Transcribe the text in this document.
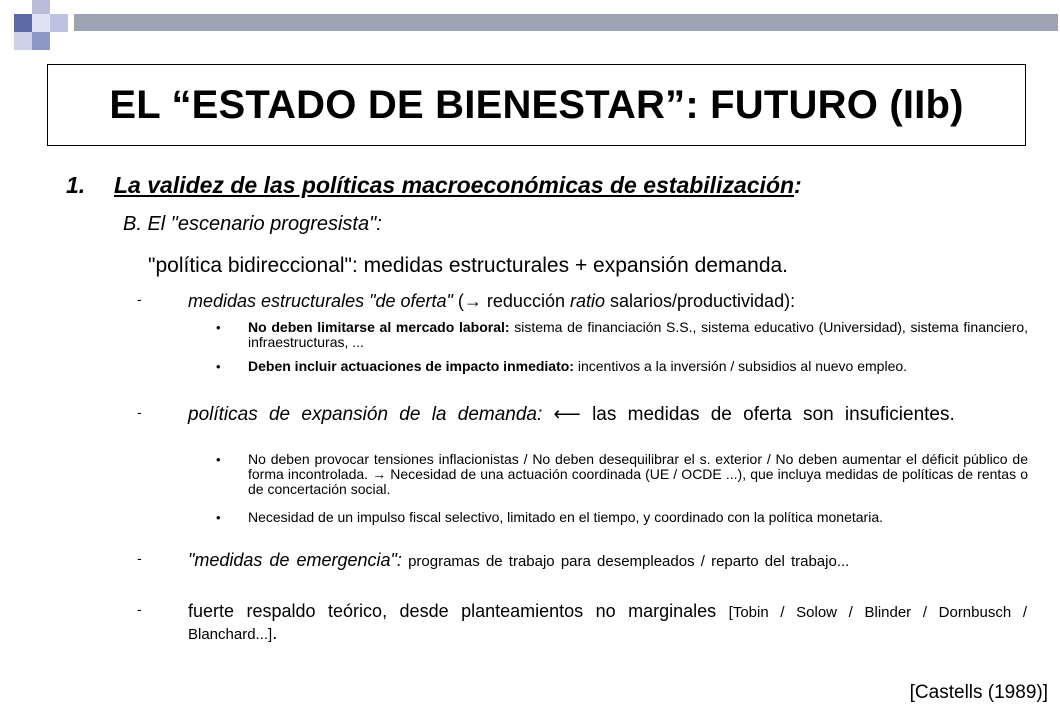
EL “ESTADO DE BIENESTAR”: FUTURO (IIb)
1. La validez de las políticas macroeconómicas de estabilización:
B. El "escenario progresista":
"política bidireccional": medidas estructurales + expansión demanda.
-	medidas estructurales "de oferta" (→ reducción ratio salarios/productividad):
• No deben limitarse al mercado laboral: sistema de financiación S.S., sistema educativo (Universidad), sistema financiero, infraestructuras, ...
• Deben incluir actuaciones de impacto inmediato: incentivos a la inversión / subsidios al nuevo empleo.
- políticas de expansión de la demanda: ⟵ las medidas de oferta son insuficientes.
• No deben provocar tensiones inflacionistas / No deben desequilibrar el s. exterior / No deben aumentar el déficit público de forma incontrolada. → Necesidad de una actuación coordinada (UE / OCDE ...), que incluya medidas de políticas de rentas o de concertación social.
• Necesidad de un impulso fiscal selectivo, limitado en el tiempo, y coordinado con la política monetaria.
-	"medidas de emergencia": programas de trabajo para desempleados / reparto del trabajo...
-	fuerte respaldo teórico, desde planteamientos no marginales [Tobin / Solow / Blinder / Dornbusch / Blanchard...].
[Castells (1989)]
